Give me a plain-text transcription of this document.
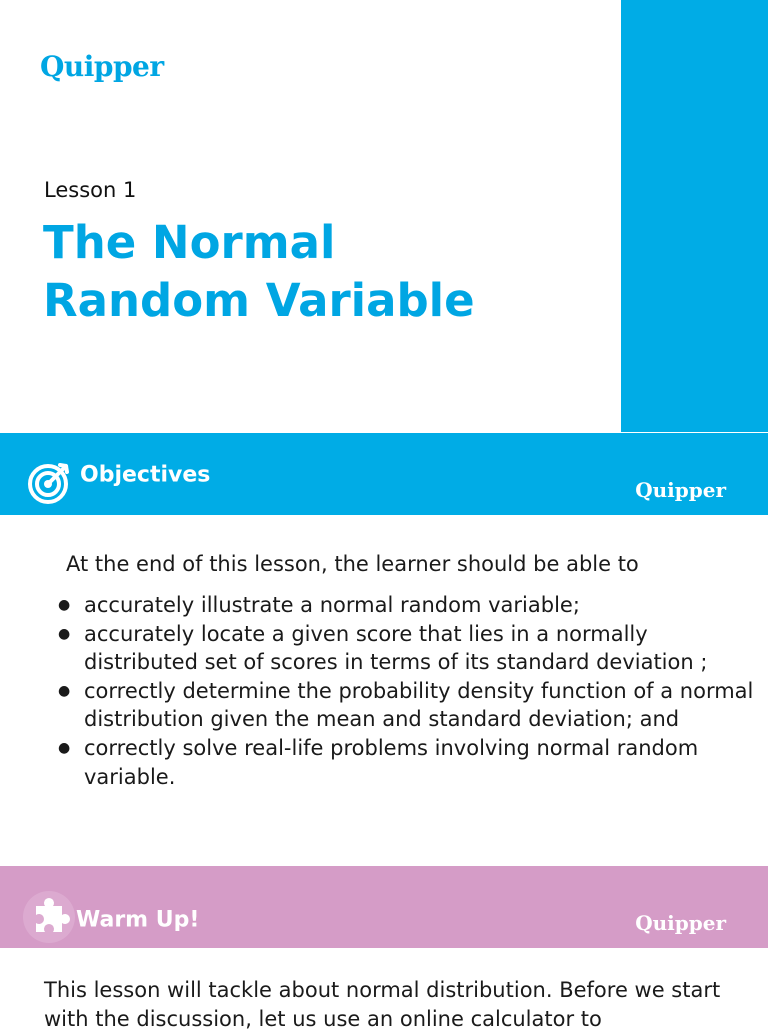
Quipper
Lesson 1
The Normal
Random Variable
Objectives
Quipper
At the end of this lesson, the learner should be able to
● accurately illustrate a normal random variable;
● accurately locate a given score that lies in a normally distributed set of scores in terms of its standard deviation ;
● correctly determine the probability density function of a normal distribution given the mean and standard deviation; and
● correctly solve real-life problems involving normal random variable.
Warm Up!	Quipper

This lesson will tackle about normal distribution. Before we start with the discussion, let us use an online calculator to
